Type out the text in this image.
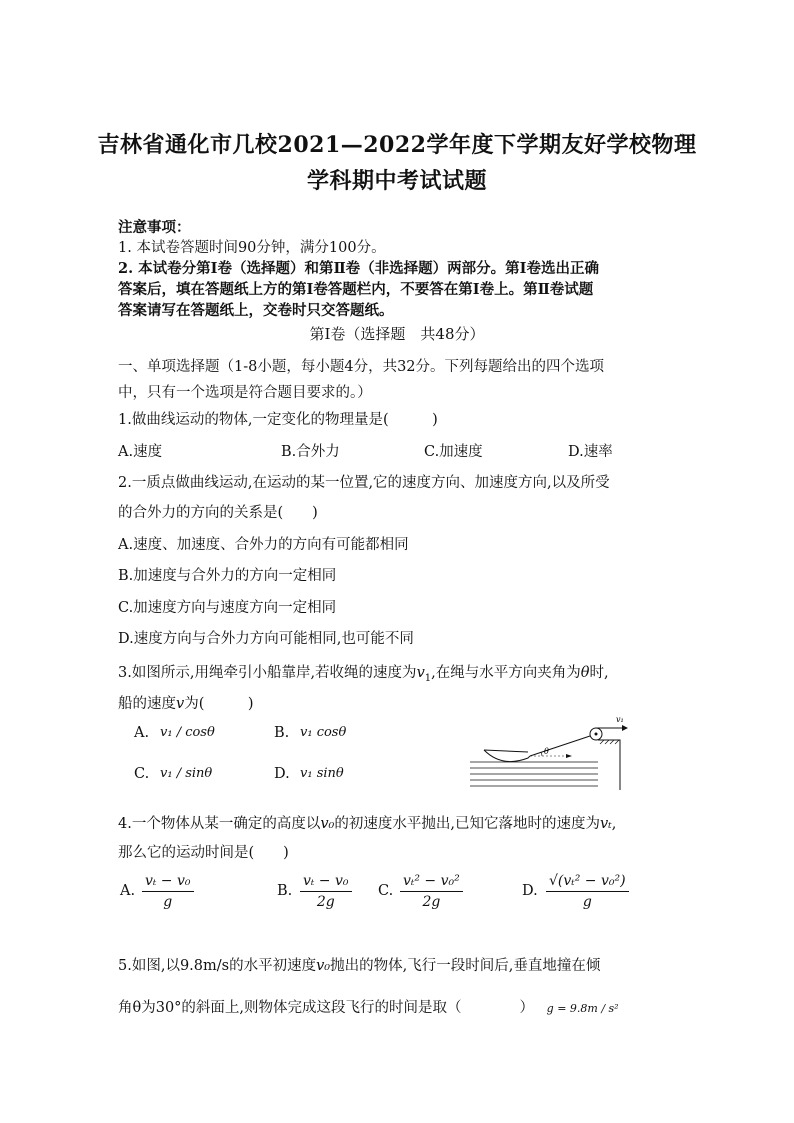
吉林省通化市几校2021—2022学年度下学期友好学校物理
学科期中考试试题
注意事项：
1. 本试卷答题时间90分钟，满分100分。
2. 本试卷分第Ⅰ卷（选择题）和第Ⅱ卷（非选择题）两部分。第Ⅰ卷选出正确
答案后，填在答题纸上方的第Ⅰ卷答题栏内，不要答在第Ⅰ卷上。第Ⅱ卷试题
答案请写在答题纸上，交卷时只交答题纸。
第Ⅰ卷（选择题　共48分）
一、单项选择题（1-8小题，每小题4分，共32分。下列每题给出的四个选项
中，只有一个选项是符合题目要求的。）
1.做曲线运动的物体,一定变化的物理量是(　　　)
A.速度	B.合外力	C.加速度	D.速率
2.一质点做曲线运动,在运动的某一位置,它的速度方向、加速度方向,以及所受
的合外力的方向的关系是(　　)
A.速度、加速度、合外力的方向有可能都相同
B.加速度与合外力的方向一定相同
C.加速度方向与速度方向一定相同
D.速度方向与合外力方向可能相同,也可能不同
3.如图所示,用绳牵引小船靠岸,若收绳的速度为$v_1$,在绳与水平方向夹角为θ时,
船的速度v为(　　　)
A. v₁ / cosθ	B. v₁ cosθ
C. v₁ / sinθ	D. v₁ sinθ
v₁
θ
4.一个物体从某一确定的高度以v₀的初速度水平抛出,已知它落地时的速度为vₜ,
那么它的运动时间是(　　)
A. $\frac{\text{vₜ − v₀}}{g}$	B. $\frac{\text{vₜ − v₀}}{2g} C$. $\frac{\text{vₜ² − v₀²}}{2g}$	D. $\frac{\text{√(vₜ² − v₀²)}}{g}$
5.如图,以9.8m/s的水平初速度v₀抛出的物体,飞行一段时间后,垂直地撞在倾
角θ为30°的斜面上,则物体完成这段飞行的时间是取（　　　　） g = 9.8m / s²
